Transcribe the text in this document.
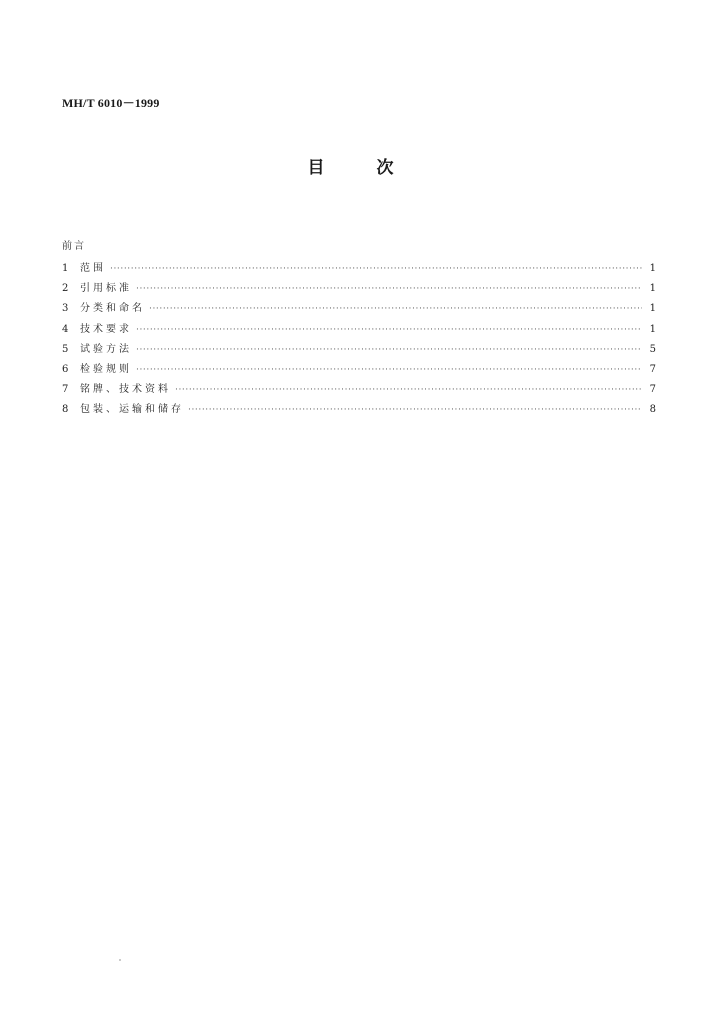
MH/T 6010－1999
目	次
前言
1	范围 ·····	1
2	引用标准 ·····	1
3	分类和命名 ·····	1
4	技术要求 ·····	1
5	试验方法 ·····	5
6	检验规则 ·····	7
7	铭牌、技术资料 ·····	7
8	包装、运输和储存 ·····	8
